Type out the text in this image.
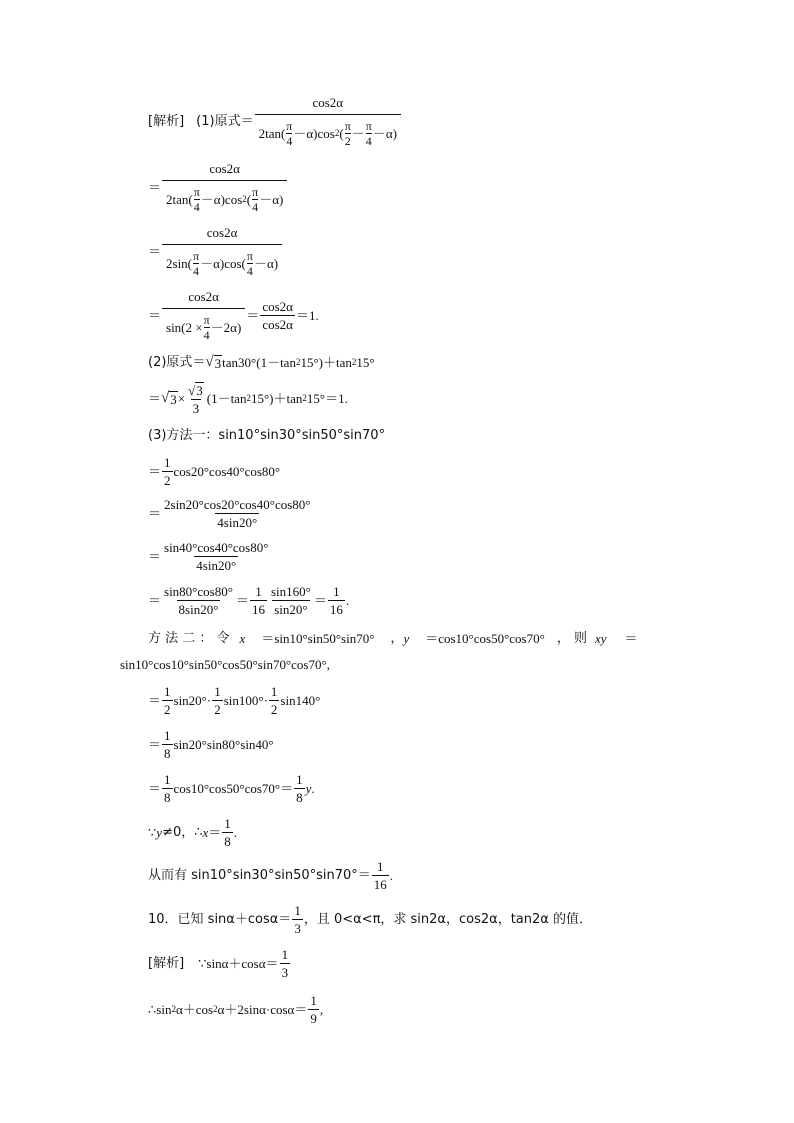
[解析] (1)原式＝
cos2α
2tan( π
4 －α)cos 2 ( π
2 － π
4 －α)
＝ cos2α
2tan( π
4 －α)cos 2 ( π
4 －α)
＝ cos2α
2sin( π
4 －α)cos( π
4 －α)
＝ $\frac{\cos 2\alpha}{\sin(2 \times \frac{\pi}{4} -2\alpha)} = \frac{\cos 2\alpha}{\cos 2\alpha} =1$.
(2)原式＝ √ 3 tan30°(1－tan 2 15°)＋tan 2 15°
＝ √ $3 \times \frac{√ 3}{3} (1-\tan$ 2 15°)＋tan 2 15°＝1.
(3)方法一：sin10°sin30°sin50°sin70°
＝ $\frac{1}{2} \cos 20^\circ\cos 40^\circ\cos 80^\circ$
＝ $\frac{2\sin 20^\circ\cos 20^\circ\cos 40^\circ\cos 80^\circ}{4\sin 20^\circ}$
＝ $\frac{\sin 40^\circ\cos 40^\circ\cos 80^\circ}{4\sin 20^\circ}$
＝ $\frac{\sin 80^\circ\cos 80^\circ}{8\sin 20^\circ} = \frac{1}{16} \frac{\sin 160^\circ}{\sin 20^\circ} = \frac{1}{16}$ .
方 法 二 ： 令 x ＝sin10°sin50°sin70° ， y ＝cos10°cos50°cos70° ， 则 xy ＝
sin10°cos10°sin50°cos50°sin70°cos70°,
＝ $\frac{1}{2} \sin 20^\circ\cdot \frac{1}{2} \sin 100^\circ\cdot \frac{1}{2} \sin 140^\circ$
＝ $\frac{1}{8} \sin 20^\circ\sin 80^\circ\sin 40^\circ$
＝ $\frac{1}{8} \cos 10^\circ\cos 50^\circ\cos 70^\circ= \frac{1}{8}$ y .
∵ y ≠0，∴ $x = \frac{1}{8}$ .
从而有 $\sin 10^\circ\sin 30^\circ\sin 50^\circ\sin 70^\circ= \frac{1}{16}$ .
10．已知 $\sin\alpha+\cos\alpha= \frac{1}{3}$ ，且 0<α<π，求 sin2α，cos2α，tan2α 的值．
[解析] ∵sinα＋cosα＝ $\frac{1}{3}$
∴sin 2 α＋cos 2 $\alpha+2\sin\alpha\cdot\cos\alpha= \frac{1}{9}$ ,
